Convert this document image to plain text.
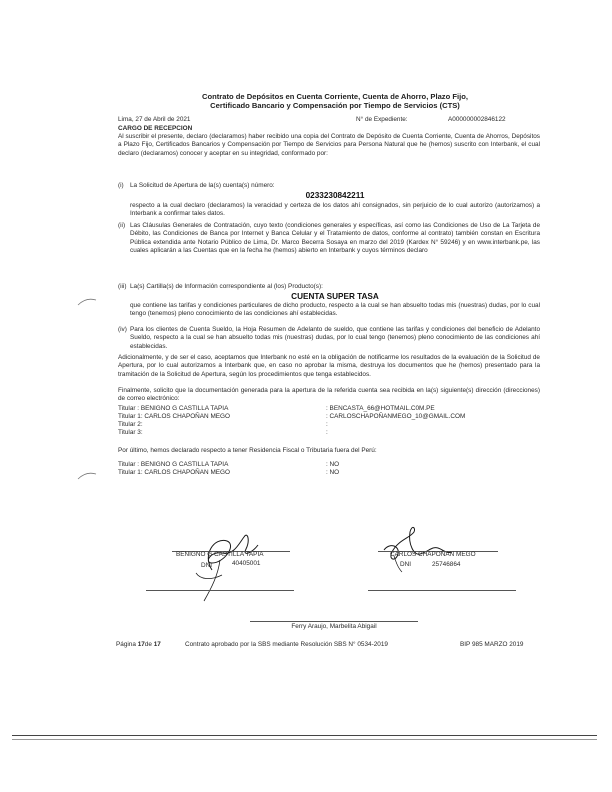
Contrato de Depósitos en Cuenta Corriente, Cuenta de Ahorro, Plazo Fijo,
Certificado Bancario y Compensación por Tiempo de Servicios (CTS)
Lima, 27 de Abril de 2021	N° de Expediente:	A000000002846122
CARGO DE RECEPCION
Al suscribir el presente, declaro (declaramos) haber recibido una copia del Contrato de Depósito de Cuenta Corriente, Cuenta de Ahorros, Depósitos a Plazo Fijo, Certificados Bancarios y Compensación por Tiempo de Servicios para Persona Natural que he (hemos) suscrito con Interbank, el cual declaro (declaramos) conocer y aceptar en su integridad, conformado por:
(i) La Solicitud de Apertura de la(s) cuenta(s) número:
0233230842211
respecto a la cual declaro (declaramos) la veracidad y certeza de los datos ahí consignados, sin perjuicio de lo cual autorizo (autorizamos) a Interbank a confirmar tales datos.
(ii) Las Cláusulas Generales de Contratación, cuyo texto (condiciones generales y específicas, así como las Condiciones de Uso de La Tarjeta de Débito, las Condiciones de Banca por Internet y Banca Celular y el Tratamiento de datos, conforme al contrato) también constan en Escritura Pública extendida ante Notario Público de Lima, Dr. Marco Becerra Sosaya en marzo del 2019 (Kardex N° 59246) y en www.interbank.pe, las cuales aplicarán a las Cuentas que en la fecha he (hemos) abierto en Interbank y cuyos términos declaro
(iii) La(s) Cartilla(s) de Información correspondiente al (los) Producto(s):
CUENTA SUPER TASA
que contiene las tarifas y condiciones particulares de dicho producto, respecto a la cual se han absuelto todas mis (nuestras) dudas, por lo cual tengo (tenemos) pleno conocimiento de las condiciones ahí establecidas.
(iv) Para los clientes de Cuenta Sueldo, la Hoja Resumen de Adelanto de sueldo, que contiene las tarifas y condiciones del beneficio de Adelanto Sueldo, respecto a la cual se han absuelto todas mis (nuestras) dudas, por lo cual tengo (tenemos) pleno conocimiento de las condiciones ahí establecidas.
Adicionalmente, y de ser el caso, aceptamos que Interbank no esté en la obligación de notificarme los resultados de la evaluación de la Solicitud de Apertura, por lo cual autorizamos a Interbank que, en caso no aprobar la misma, destruya los documentos que he (hemos) presentado para la tramitación de la Solicitud de Apertura, según los procedimientos que tenga establecidos.
Finalmente, solicito que la documentación generada para la apertura de la referida cuenta sea recibida en la(s) siguiente(s) dirección (direcciones) de correo electrónico:
Titular : BENIGNO G CASTILLA TAPIA	: BENCASTA_66@HOTMAIL.C0M.PE
Titular 1: CARLOS CHAPOÑAN MEGO	: CARLOSCHAPOÑANMEGO_10@GMAIL.COM
Titular 2:	:
Titular 3:	:
Por último, hemos declarado respecto a tener Residencia Fiscal o Tributaria fuera del Perú:
Titular : BENIGNO G CASTILLA TAPIA	: NO
Titular 1: CARLOS CHAPOÑAN MEGO	: NO
BENIGNO G CASTILLA TAPIA
DNI	40405001
CARLOS CHAPOÑAN MEGO
DNI	25746864
Ferry Araujo, Marbelita Abigail
Página 17de 17	Contrato aprobado por la SBS mediante Resolución SBS N° 0534-2019	BIP 985 MARZO 2019
